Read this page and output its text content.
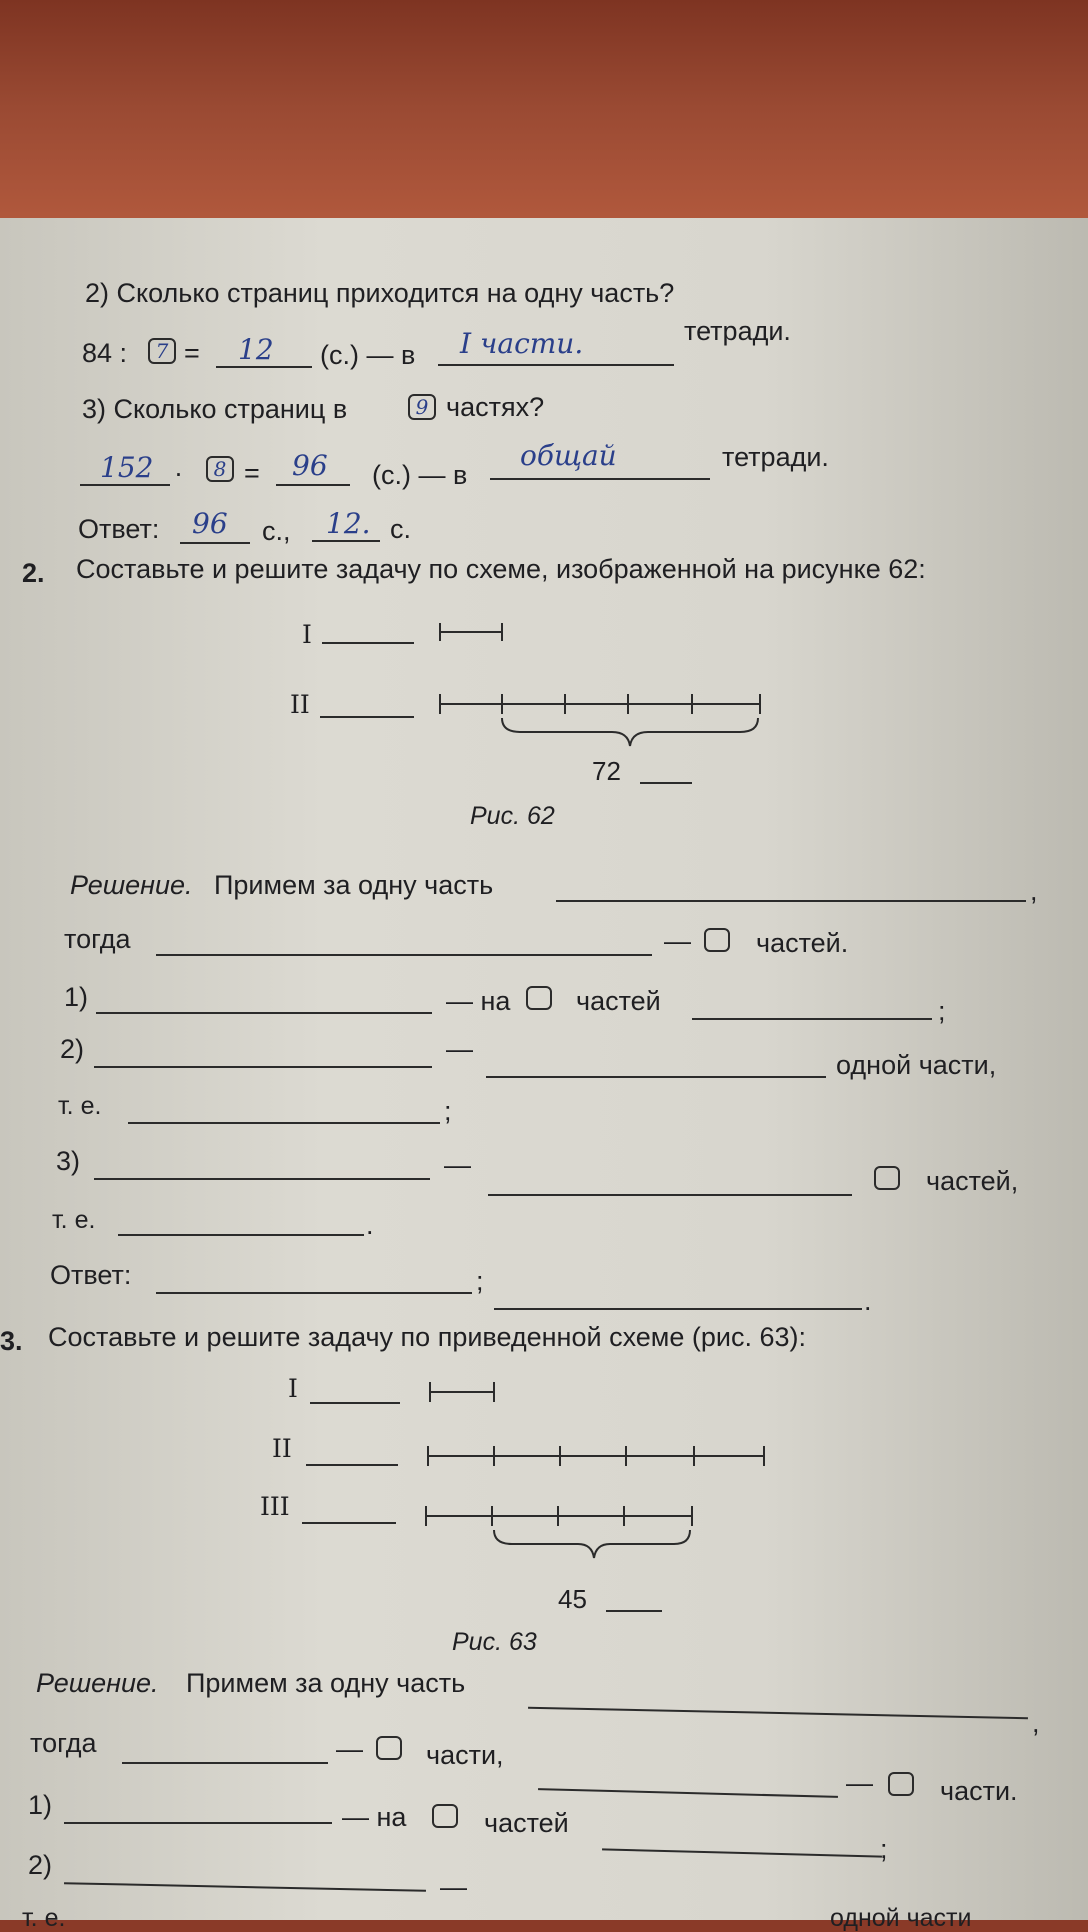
2) Сколько страниц приходится на одну часть?
84 :	7 = 12 (с.) — в I части.	тетради.
3) Сколько страниц в	9 частях?
152 ·	8 = 96 (с.) — в
общай	тетради.
Ответ: 96 с., 12. с.
2. Составьте и решите задачу по схеме, изображенной на рисунке 62:
I
II
72
Рис. 62
Решение. Примем за одну часть	,
тогда	— частей.
1)	— на частей	;
2)	—
одной части,
т. е.	;
3)	—
частей,
т. е.	.
Ответ:	;
.
3. Составьте и решите задачу по приведенной схеме (рис. 63):
I
II
III
45
Рис. 63
Решение. Примем за одну часть
,
тогда	— части,
— части.
1)	— на	частей
;
2)
—
т. е.	одной части
